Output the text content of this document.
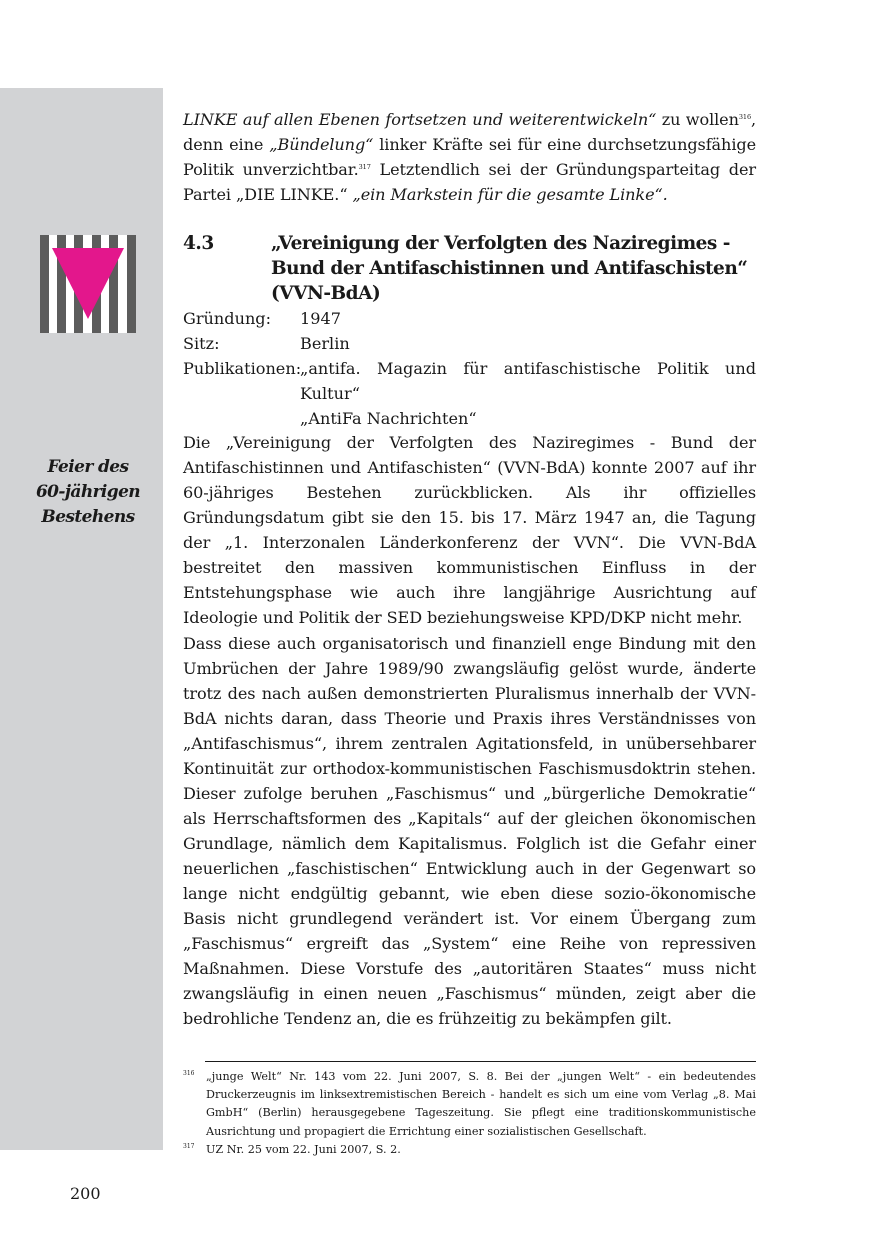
Feier des
60-jährigen
Bestehens
LINKE auf allen Ebenen fortsetzen und weiterentwickeln“ zu wollen$^{316}$, denn eine „Bündelung“ linker Kräfte sei für eine durchsetzungsfähige Politik unverzichtbar.$^{317}$ Letztendlich sei der Gründungsparteitag der Partei „DIE LINKE.“ „ein Markstein für die gesamte Linke“.
4.3	„Vereinigung der Verfolgten des Naziregimes - Bund der Antifaschistinnen und Antifaschisten“ (VVN-BdA)
Gründung:	1947
Sitz:	Berlin
Publikationen:
„antifa. Magazin für antifaschistische Politik und Kultur“
„AntiFa Nachrichten“
Die „Vereinigung der Verfolgten des Naziregimes - Bund der Antifaschistinnen und Antifaschisten“ (VVN-BdA) konnte 2007 auf ihr 60-jähriges Bestehen zurückblicken. Als ihr offizielles Gründungsdatum gibt sie den 15. bis 17. März 1947 an, die Tagung der „1. Interzonalen Länderkonferenz der VVN“. Die VVN-BdA bestreitet den massiven kommunistischen Einfluss in der Entstehungsphase wie auch ihre langjährige Ausrichtung auf Ideologie und Politik der SED beziehungsweise KPD/DKP nicht mehr.
Dass diese auch organisatorisch und finanziell enge Bindung mit den Umbrüchen der Jahre 1989/90 zwangsläufig gelöst wurde, änderte trotz des nach außen demonstrierten Pluralismus innerhalb der VVN-BdA nichts daran, dass Theorie und Praxis ihres Verständnisses von „Antifaschismus“, ihrem zentralen Agitationsfeld, in unübersehbarer Kontinuität zur orthodox-kommunistischen Faschismusdoktrin stehen. Dieser zufolge beruhen „Faschismus“ und „bürgerliche Demokratie“ als Herrschaftsformen des „Kapitals“ auf der gleichen ökonomischen Grundlage, nämlich dem Kapitalismus. Folglich ist die Gefahr einer neuerlichen „faschistischen“ Entwicklung auch in der Gegenwart so lange nicht endgültig gebannt, wie eben diese sozio-ökonomische Basis nicht grundlegend verändert ist. Vor einem Übergang zum „Faschismus“ ergreift das „System“ eine Reihe von repressiven Maßnahmen. Diese Vorstufe des „autoritären Staates“ muss nicht zwangsläufig in einen neuen „Faschismus“ münden, zeigt aber die bedrohliche Tendenz an, die es frühzeitig zu bekämpfen gilt.
316 „junge Welt“ Nr. 143 vom 22. Juni 2007, S. 8. Bei der „jungen Welt“ - ein bedeutendes Druckerzeugnis im linksextremistischen Bereich - handelt es sich um eine vom Verlag „8. Mai GmbH“ (Berlin) herausgegebene Tageszeitung. Sie pflegt eine traditionskommunistische Ausrichtung und propagiert die Errichtung einer sozialistischen Gesellschaft.
317 UZ Nr. 25 vom 22. Juni 2007, S. 2.
200
